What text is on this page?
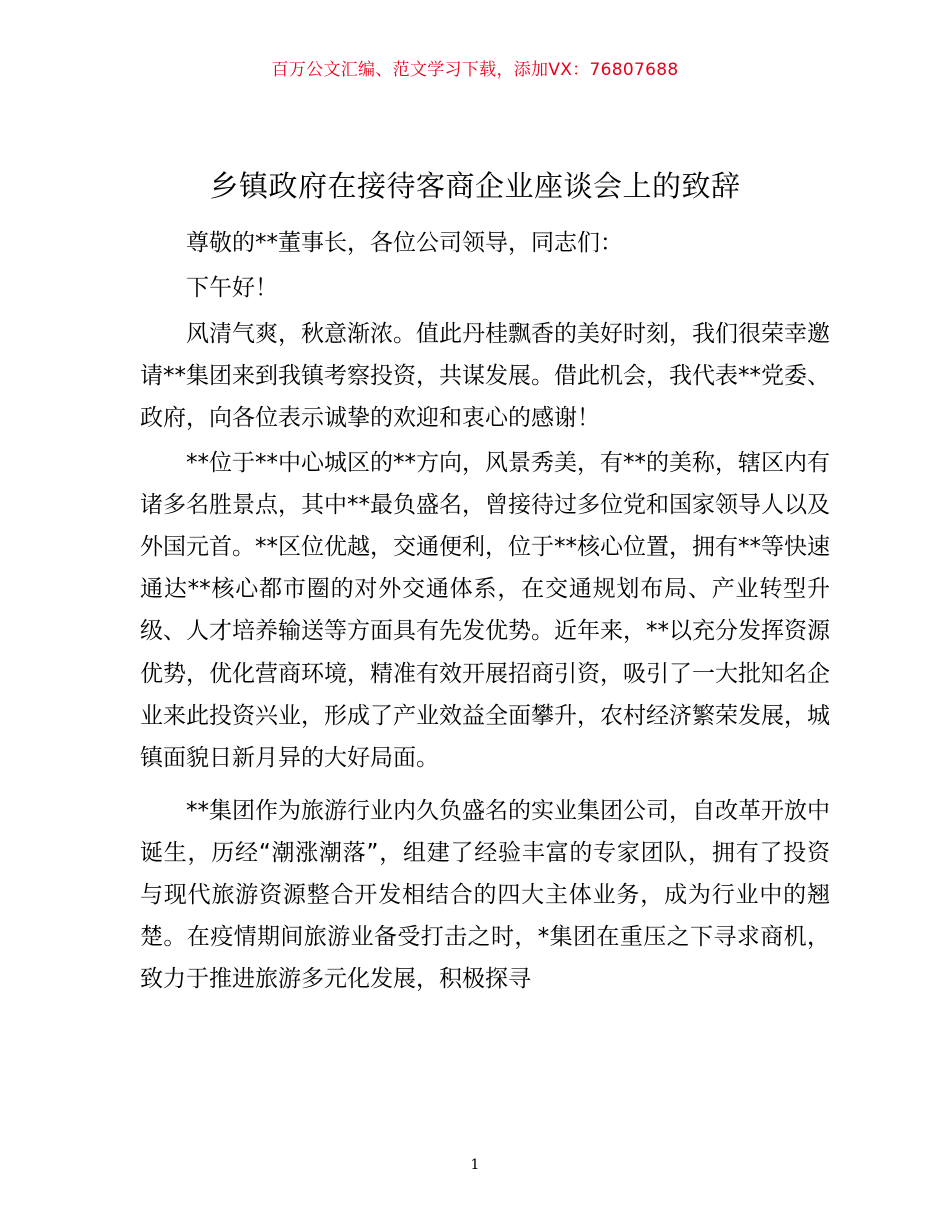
百万公文汇编、范文学习下载，添加VX：76807688
乡镇政府在接待客商企业座谈会上的致辞

尊敬的**董事长，各位公司领导，同志们：

下午好！

风清气爽，秋意渐浓。值此丹桂飘香的美好时刻，我们很荣幸邀请**集团来到我镇考察投资，共谋发展。借此机会，我代表**党委、政府，向各位表示诚挚的欢迎和衷心的感谢！

**位于**中心城区的**方向，风景秀美，有**的美称，辖区内有诸多名胜景点，其中**最负盛名，曾接待过多位党和国家领导人以及外国元首。**区位优越，交通便利，位于**核心位置，拥有**等快速通达**核心都市圈的对外交通体系，在交通规划布局、产业转型升级、人才培养输送等方面具有先发优势。近年来，**以充分发挥资源优势，优化营商环境，精准有效开展招商引资，吸引了一大批知名企业来此投资兴业，形成了产业效益全面攀升，农村经济繁荣发展，城镇面貌日新月异的大好局面。

**集团作为旅游行业内久负盛名的实业集团公司，自改革开放中诞生，历经“潮涨潮落”，组建了经验丰富的专家团队，拥有了投资与现代旅游资源整合开发相结合的四大主体业务，成为行业中的翘楚。在疫情期间旅游业备受打击之时，*集团在重压之下寻求商机，致力于推进旅游多元化发展，积极探寻

1
